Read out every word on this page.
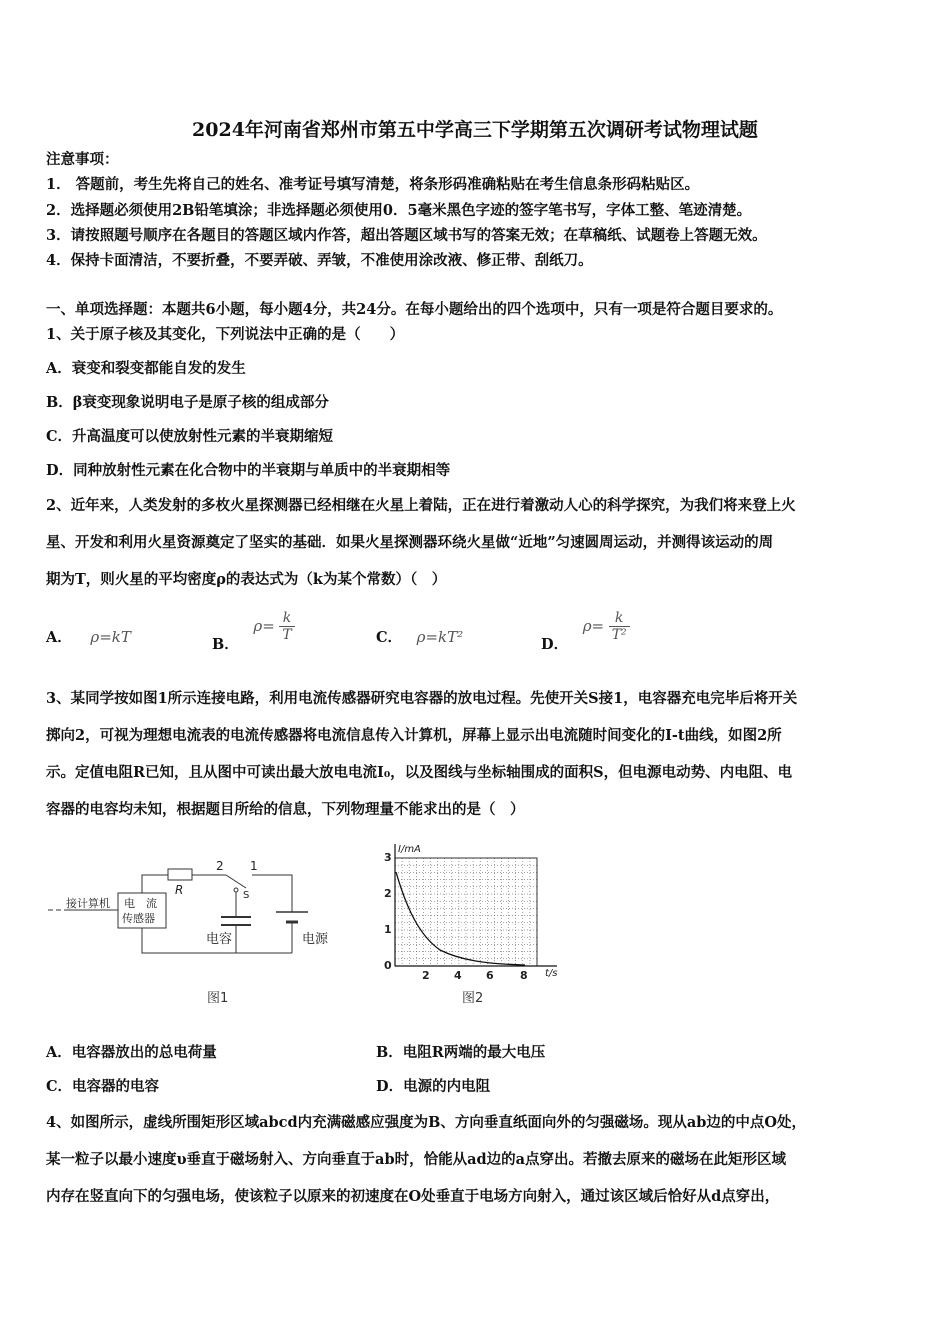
2024年河南省郑州市第五中学高三下学期第五次调研考试物理试题
注意事项：
1． 答题前，考生先将自己的姓名、准考证号填写清楚，将条形码准确粘贴在考生信息条形码粘贴区。
2．选择题必须使用2B铅笔填涂；非选择题必须使用0．5毫米黑色字迹的签字笔书写，字体工整、笔迹清楚。
3．请按照题号顺序在各题目的答题区域内作答，超出答题区域书写的答案无效；在草稿纸、试题卷上答题无效。
4．保持卡面清洁，不要折叠，不要弄破、弄皱，不准使用涂改液、修正带、刮纸刀。
一、单项选择题：本题共6小题，每小题4分，共24分。在每小题给出的四个选项中，只有一项是符合题目要求的。
1、关于原子核及其变化，下列说法中正确的是（　　）
A．衰变和裂变都能自发的发生
B．β衰变现象说明电子是原子核的组成部分
C．升高温度可以使放射性元素的半衰期缩短
D．同种放射性元素在化合物中的半衰期与单质中的半衰期相等
2、近年来，人类发射的多枚火星探测器已经相继在火星上着陆，正在进行着激动人心的科学探究，为我们将来登上火
星、开发和利用火星资源奠定了坚实的基础．如果火星探测器环绕火星做“近地”匀速圆周运动，并测得该运动的周
期为T，则火星的平均密度ρ的表达式为（k为某个常数）（　）
A． ρ=kT	B． $\rho= \frac{k}{T}$	C． ρ=kT²	D． $\rho= \frac{k}{\text{T²}}$
3、某同学按如图1所示连接电路，利用电流传感器研究电容器的放电过程。先使开关S接1，电容器充电完毕后将开关
掷向2，可视为理想电流表的电流传感器将电流信息传入计算机，屏幕上显示出电流随时间变化的I-t曲线，如图2所
示。定值电阻R已知，且从图中可读出最大放电电流I₀，以及图线与坐标轴围成的面积S，但电源电动势、内电阻、电
容器的电容均未知，根据题目所给的信息，下列物理量不能求出的是（　）
接计算机 电　流
传感器
R
2 1
S
电容	电源
图1
I/mA
t/s
0
1
2
3
2 4 6 8
图2
A．电容器放出的总电荷量	B．电阻R两端的最大电压
C．电容器的电容	D．电源的内电阻
4、如图所示，虚线所围矩形区域abcd内充满磁感应强度为B、方向垂直纸面向外的匀强磁场。现从ab边的中点O处，
某一粒子以最小速度υ垂直于磁场射入、方向垂直于ab时，恰能从ad边的a点穿出。若撤去原来的磁场在此矩形区域
内存在竖直向下的匀强电场，使该粒子以原来的初速度在O处垂直于电场方向射入，通过该区域后恰好从d点穿出，
